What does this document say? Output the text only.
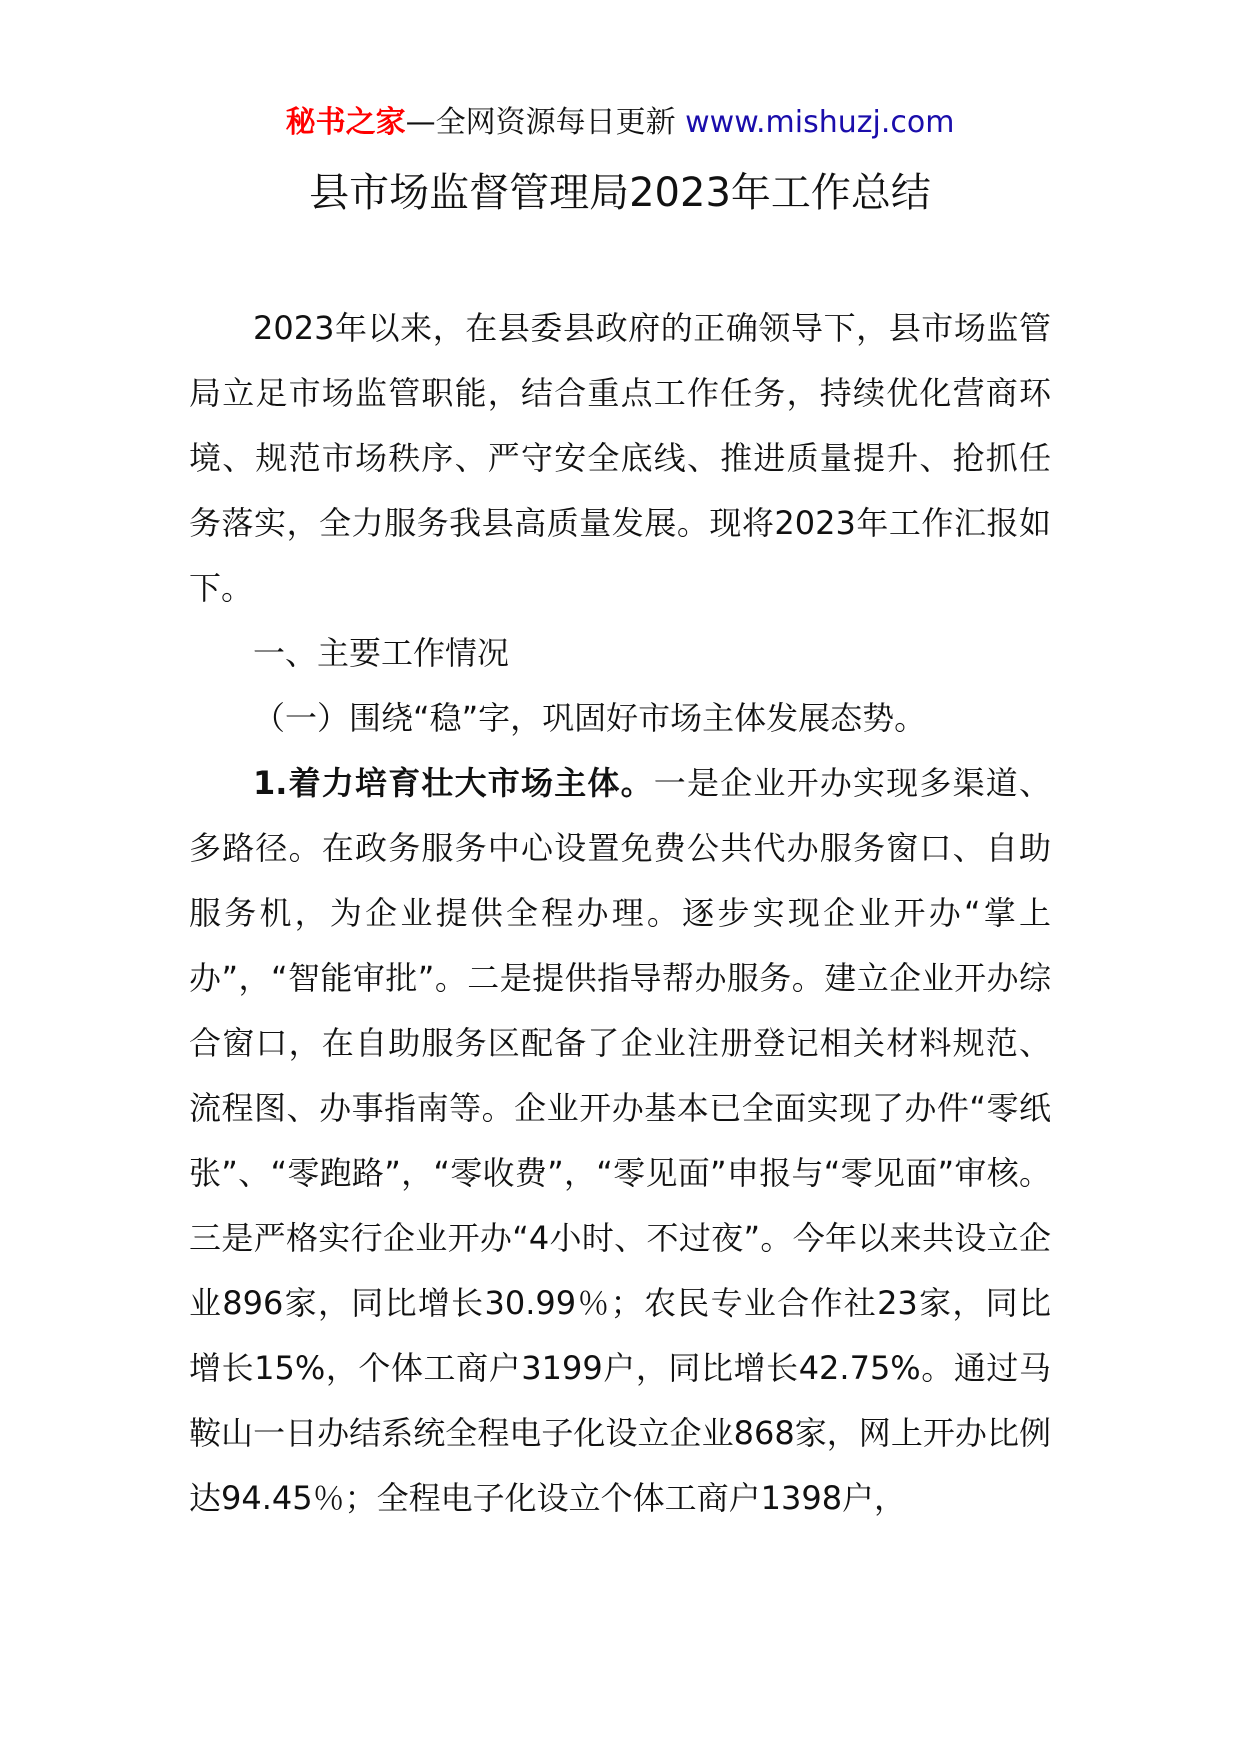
秘书之家—全网资源每日更新 www.mishuzj.com
县市场监督管理局2023年工作总结

2023年以来，在县委县政府的正确领导下，县市场监管局立足市场监管职能，结合重点工作任务，持续优化营商环境、规范市场秩序、严守安全底线、推进质量提升、抢抓任务落实，全力服务我县高质量发展。现将2023年工作汇报如下。

一、主要工作情况

（一）围绕“稳”字，巩固好市场主体发展态势。

1.着力培育壮大市场主体。一是企业开办实现多渠道、多路径。在政务服务中心设置免费公共代办服务窗口、自助服务机，为企业提供全程办理。逐步实现企业开办“掌上办”，“智能审批”。二是提供指导帮办服务。建立企业开办综合窗口，在自助服务区配备了企业注册登记相关材料规范、流程图、办事指南等。企业开办基本已全面实现了办件“零纸张”、“零跑路”，“零收费”，“零见面”申报与“零见面”审核。三是严格实行企业开办“4小时、不过夜”。今年以来共设立企业896家，同比增长30.99％；农民专业合作社23家，同比增长15%，个体工商户3199户，同比增长42.75%。通过马鞍山一日办结系统全程电子化设立企业868家，网上开办比例达94.45％；全程电子化设立个体工商户1398户，
